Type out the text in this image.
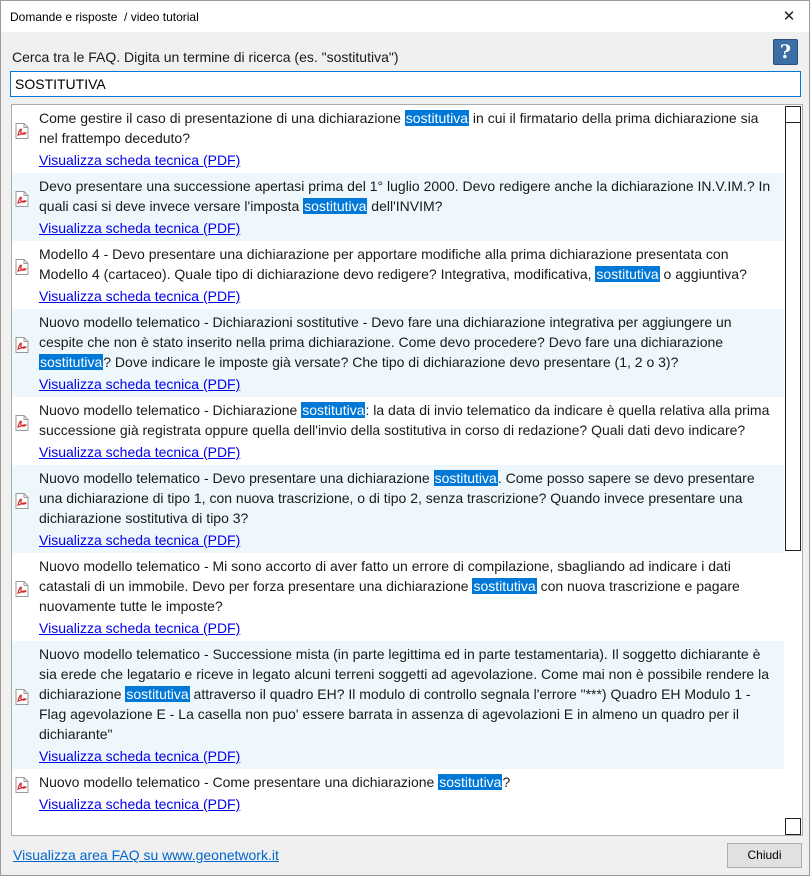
Domande e risposte  / video tutorial	✕
?
Cerca tra le FAQ. Digita un termine di ricerca (es. "sostitutiva")
SOSTITUTIVA
Come gestire il caso di presentazione di una dichiarazione sostitutiva in cui il firmatario della prima dichiarazione sia nel frattempo deceduto?
Visualizza scheda tecnica (PDF)
Devo presentare una successione apertasi prima del 1° luglio 2000. Devo redigere anche la dichiarazione IN.V.IM.? In quali casi si deve invece versare l'imposta sostitutiva dell'INVIM?
Visualizza scheda tecnica (PDF)
Modello 4 - Devo presentare una dichiarazione per apportare modifiche alla prima dichiarazione presentata con Modello 4 (cartaceo). Quale tipo di dichiarazione devo redigere? Integrativa, modificativa, sostitutiva o aggiuntiva?
Visualizza scheda tecnica (PDF)
Nuovo modello telematico - Dichiarazioni sostitutive - Devo fare una dichiarazione integrativa per aggiungere un cespite che non è stato inserito nella prima dichiarazione. Come devo procedere? Devo fare una dichiarazione sostitutiva? Dove indicare le imposte già versate? Che tipo di dichiarazione devo presentare (1, 2 o 3)?
Visualizza scheda tecnica (PDF)
Nuovo modello telematico - Dichiarazione sostitutiva: la data di invio telematico da indicare è quella relativa alla prima successione già registrata oppure quella dell'invio della sostitutiva in corso di redazione? Quali dati devo indicare?
Visualizza scheda tecnica (PDF)
Nuovo modello telematico - Devo presentare una dichiarazione sostitutiva. Come posso sapere se devo presentare una dichiarazione di tipo 1, con nuova trascrizione, o di tipo 2, senza trascrizione? Quando invece presentare una dichiarazione sostitutiva di tipo 3?
Visualizza scheda tecnica (PDF)
Nuovo modello telematico - Mi sono accorto di aver fatto un errore di compilazione, sbagliando ad indicare i dati catastali di un immobile. Devo per forza presentare una dichiarazione sostitutiva con nuova trascrizione e pagare nuovamente tutte le imposte?
Visualizza scheda tecnica (PDF)
Nuovo modello telematico - Successione mista (in parte legittima ed in parte testamentaria). Il soggetto dichiarante è sia erede che legatario e riceve in legato alcuni terreni soggetti ad agevolazione. Come mai non è possibile rendere la dichiarazione sostitutiva attraverso il quadro EH? Il modulo di controllo segnala l'errore "***) Quadro EH Modulo 1 - Flag agevolazione E - La casella non puo' essere barrata in assenza di agevolazioni E in almeno un quadro per il dichiarante"
Visualizza scheda tecnica (PDF)
Nuovo modello telematico - Come presentare una dichiarazione sostitutiva?
Visualizza scheda tecnica (PDF)
Visualizza area FAQ su www.geonetwork.it	Chiudi
